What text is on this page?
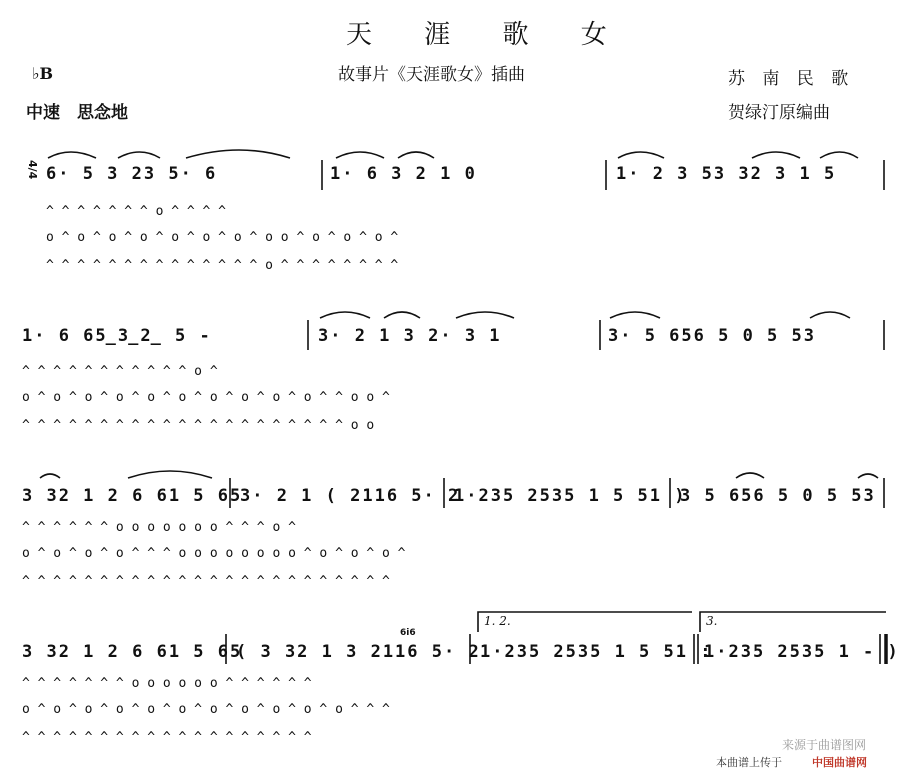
天 涯 歌 女
故事片《天涯歌女》插曲
♭B
中速　思念地
苏 南 民 歌
贺绿汀原编曲
4/4 6· 5 3 23 5· 6	1· 6 3 2 1 0	1· 2 3 53 32 3 1 5
^ ^ ^ ^ ^ ^ ^ o ^ ^ ^ ^
o ^ o ^ o ^ o ^ o ^ o ^ o ^ o o ^ o ^ o ^ o ^
^ ^ ^ ^ ^ ^ ^ ^ ^ ^ ^ ^ ^ ^ o ^ ^ ^ ^ ^ ^ ^ ^
1· 6 65̲3̲2̲ 5 -	3· 2 1 3 2· 3 1	3· 5 656 5 0 5 53
^ ^ ^ ^ ^ ^ ^ ^ ^ ^ ^ o ^
o ^ o ^ o ^ o ^ o ^ o ^ o ^ o ^ o ^ o ^ ^ o o ^
^ ^ ^ ^ ^ ^ ^ ^ ^ ^ ^ ^ ^ ^ ^ ^ ^ ^ ^ ^ ^ o o
3 32 1 2 6 61 5 65
3· 2 1 ( 2116 5· 2
1·235 2535 1 5 51 )
3 5 656 5 0 5 53
^ ^ ^ ^ ^ ^ o o o o o o o ^ ^ ^ o ^
o ^ o ^ o ^ o ^ ^ ^ o o o o o o o o ^ o ^ o ^ o ^
^ ^ ^ ^ ^ ^ ^ ^ ^ ^ ^ ^ ^ ^ ^ ^ ^ ^ ^ ^ ^ ^ ^ ^
1. 2.	3.
6i6
3 32 1 2 6 61 5 65
( 3 32 1 3 2116 5· 2 1·235 2535 1 5 51 :
1·235 2535 1 - )
^ ^ ^ ^ ^ ^ ^ o o o o o o ^ ^ ^ ^ ^ ^
o ^ o ^ o ^ o ^ o ^ o ^ o ^ o ^ o ^ o ^ o ^ ^ ^
^ ^ ^ ^ ^ ^ ^ ^ ^ ^ ^ ^ ^ ^ ^ ^ ^ ^ ^	来源于曲谱图网
本曲谱上传于	中国曲谱网
